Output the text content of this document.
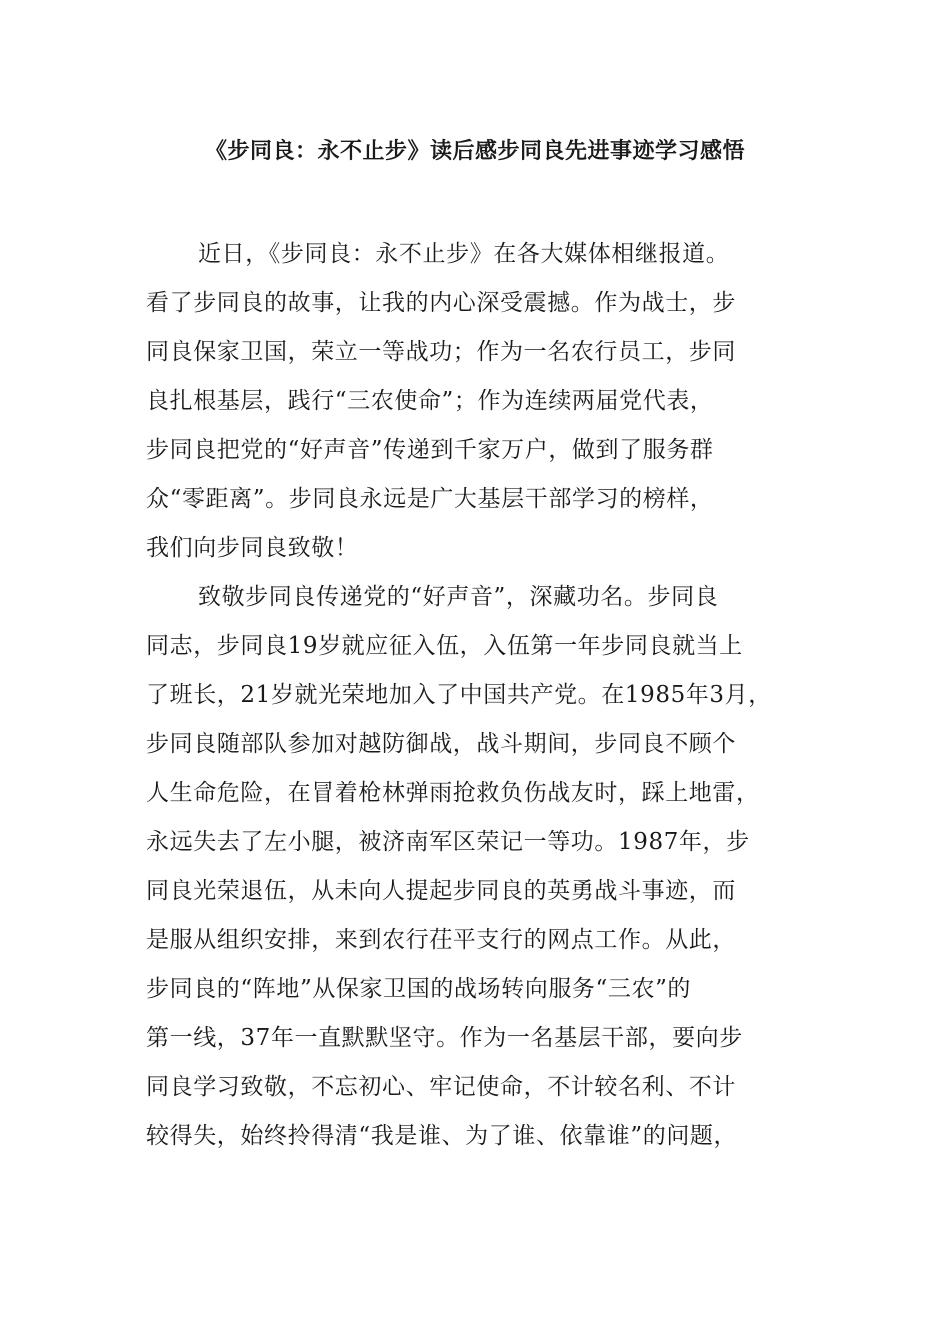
《步同良：永不止步》读后感步同良先进事迹学习感悟
近日，《步同良：永不止步》在各大媒体相继报道。
看了步同良的故事，让我的内心深受震撼。作为战士，步
同良保家卫国，荣立一等战功；作为一名农行员工，步同
良扎根基层，践行“三农使命”；作为连续两届党代表，
步同良把党的“好声音”传递到千家万户，做到了服务群
众“零距离”。步同良永远是广大基层干部学习的榜样，
我们向步同良致敬！
致敬步同良传递党的“好声音”，深藏功名。步同良
同志，步同良19岁就应征入伍，入伍第一年步同良就当上
了班长，21岁就光荣地加入了中国共产党。在1985年3月，
步同良随部队参加对越防御战，战斗期间，步同良不顾个
人生命危险，在冒着枪林弹雨抢救负伤战友时，踩上地雷，
永远失去了左小腿，被济南军区荣记一等功。1987年，步
同良光荣退伍，从未向人提起步同良的英勇战斗事迹，而
是服从组织安排，来到农行茌平支行的网点工作。从此，
步同良的“阵地”从保家卫国的战场转向服务“三农”的
第一线，37年一直默默坚守。作为一名基层干部，要向步
同良学习致敬，不忘初心、牢记使命，不计较名利、不计
较得失，始终拎得清“我是谁、为了谁、依靠谁”的问题，
